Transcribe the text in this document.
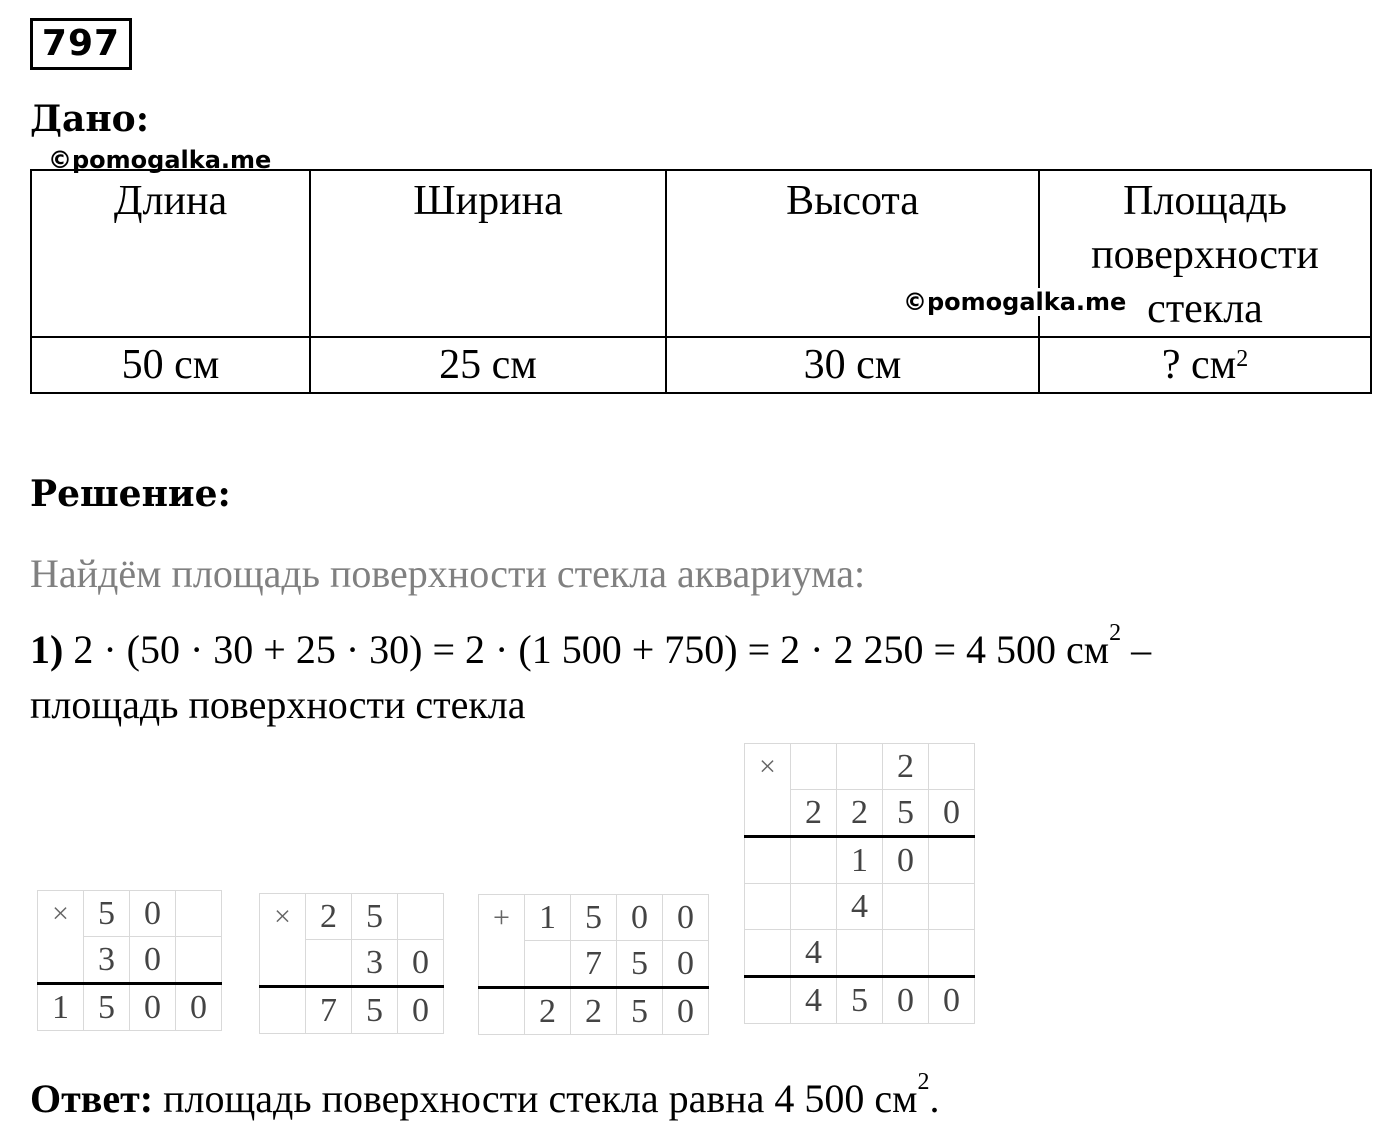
797
Дано:
©pomogalka.me
Длина	Ширина	Высота	Площадь поверхности стекла
50 см	25 см	30 см	? $см^2$
©pomogalka.me
Решение:
Найдём площадь поверхности стекла аквариума:
1) 2 · (50 · 30 + 25 · 30) = 2 · (1 500 + 750) = 2 · 2 250 = 4 500 $см^2$ –
площадь поверхности стекла
×	5	0	
	3	0	
1	5	0	0
×	2	5	
		3	0
	7	5	0
+	1	5	0	0
		7	5	0
	2	2	5	0
×			2	
	2	2	5	0
		1	0	
		4		
	4			
	4	5	0	0
Ответ: площадь поверхности стекла равна 4 500 $см^2$.
